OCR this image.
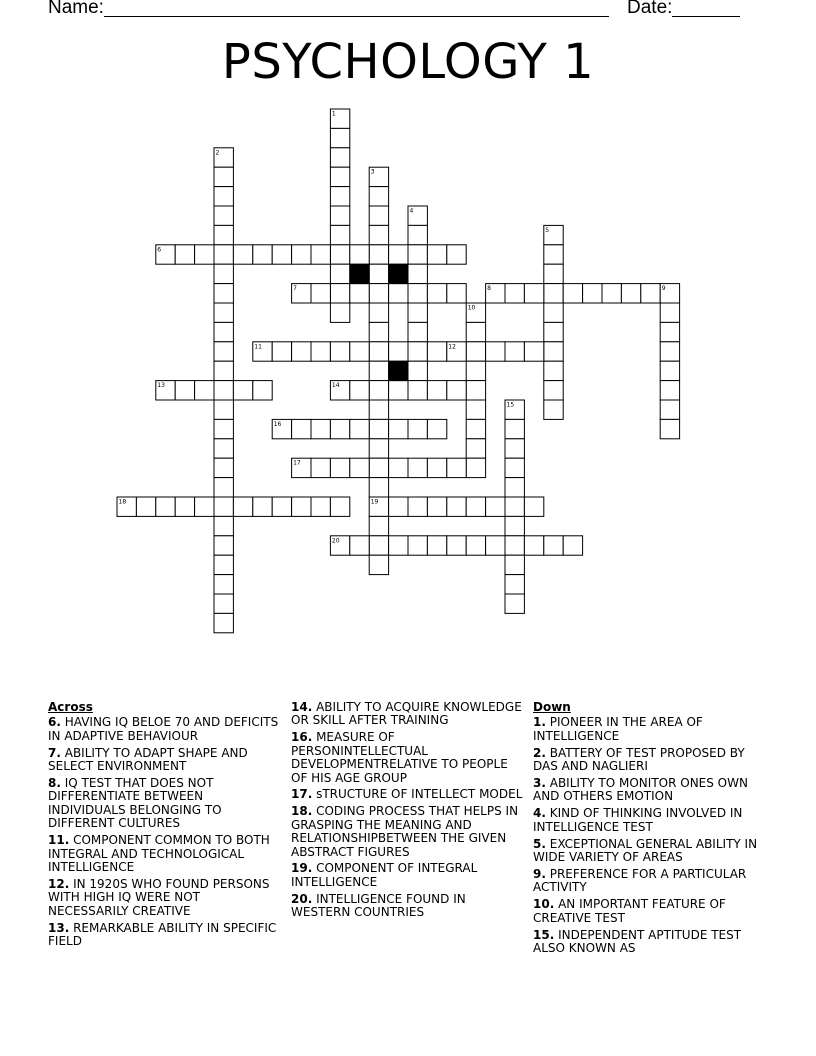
Name:	Date:
PSYCHOLOGY 1
1
2
3
4
5
6
7	8	9
10
11	12
13	14
15
16
17
18	19
20
Across
6. HAVING IQ BELOE 70 AND DEFICITS IN ADAPTIVE BEHAVIOUR
7. ABILITY TO ADAPT SHAPE AND SELECT ENVIRONMENT
8. IQ TEST THAT DOES NOT DIFFERENTIATE BETWEEN INDIVIDUALS BELONGING TO DIFFERENT CULTURES
11. COMPONENT COMMON TO BOTH INTEGRAL AND TECHNOLOGICAL INTELLIGENCE
12. IN 1920S WHO FOUND PERSONS WITH HIGH IQ WERE NOT NECESSARILY CREATIVE
13. REMARKABLE ABILITY IN SPECIFIC FIELD
14. ABILITY TO ACQUIRE KNOWLEDGE OR SKILL AFTER TRAINING
16. MEASURE OF PERSONINTELLECTUAL DEVELOPMENTRELATIVE TO PEOPLE OF HIS AGE GROUP
17. sTRUCTURE OF INTELLECT MODEL
18. CODING PROCESS THAT HELPS IN GRASPING THE MEANING AND RELATIONSHIPBETWEEN THE GIVEN ABSTRACT FIGURES
19. COMPONENT OF INTEGRAL INTELLIGENCE
20. INTELLIGENCE FOUND IN WESTERN COUNTRIES
Down
1. PIONEER IN THE AREA OF INTELLIGENCE
2. BATTERY OF TEST PROPOSED BY DAS AND NAGLIERI
3. ABILITY TO MONITOR ONES OWN AND OTHERS EMOTION
4. KIND OF THINKING INVOLVED IN INTELLIGENCE TEST
5. EXCEPTIONAL GENERAL ABILITY IN WIDE VARIETY OF AREAS
9. PREFERENCE FOR A PARTICULAR ACTIVITY
10. AN IMPORTANT FEATURE OF CREATIVE TEST
15. INDEPENDENT APTITUDE TEST ALSO KNOWN AS
